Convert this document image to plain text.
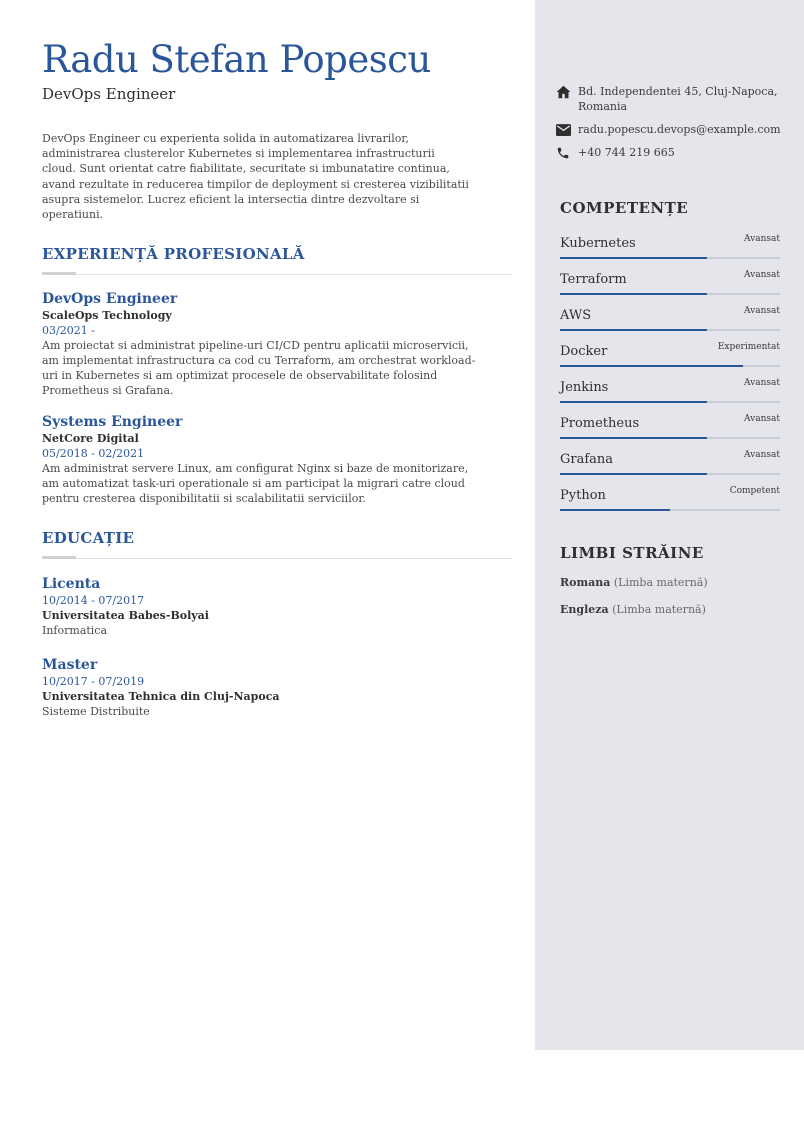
Radu Stefan Popescu
DevOps Engineer
DevOps Engineer cu experienta solida in automatizarea livrarilor, administrarea clusterelor Kubernetes si implementarea infrastructurii cloud. Sunt orientat catre fiabilitate, securitate si imbunatatire continua, avand rezultate in reducerea timpilor de deployment si cresterea vizibilitatii asupra sistemelor. Lucrez eficient la intersectia dintre dezvoltare si operatiuni.
EXPERIENȚĂ PROFESIONALĂ
DevOps Engineer
ScaleOps Technology
03/2021 -
Am proiectat si administrat pipeline-uri CI/CD pentru aplicatii microservicii, am implementat infrastructura ca cod cu Terraform, am orchestrat workload-uri in Kubernetes si am optimizat procesele de observabilitate folosind Prometheus si Grafana.
Systems Engineer
NetCore Digital
05/2018 - 02/2021
Am administrat servere Linux, am configurat Nginx si baze de monitorizare, am automatizat task-uri operationale si am participat la migrari catre cloud pentru cresterea disponibilitatii si scalabilitatii serviciilor.
EDUCAȚIE
Licenta
10/2014 - 07/2017
Universitatea Babes-Bolyai
Informatica
Master
10/2017 - 07/2019
Universitatea Tehnica din Cluj-Napoca
Sisteme Distribuite
Bd. Independentei 45, Cluj-Napoca, Romania
radu.popescu.devops@example.com
+40 744 219 665
COMPETENȚE
Kubernetes	Avansat
Terraform	Avansat
AWS	Avansat
Docker	Experimentat
Jenkins	Avansat
Prometheus	Avansat
Grafana	Avansat
Python	Competent
LIMBI STRĂINE
Romana (Limba maternă)
Engleza (Limba maternă)
